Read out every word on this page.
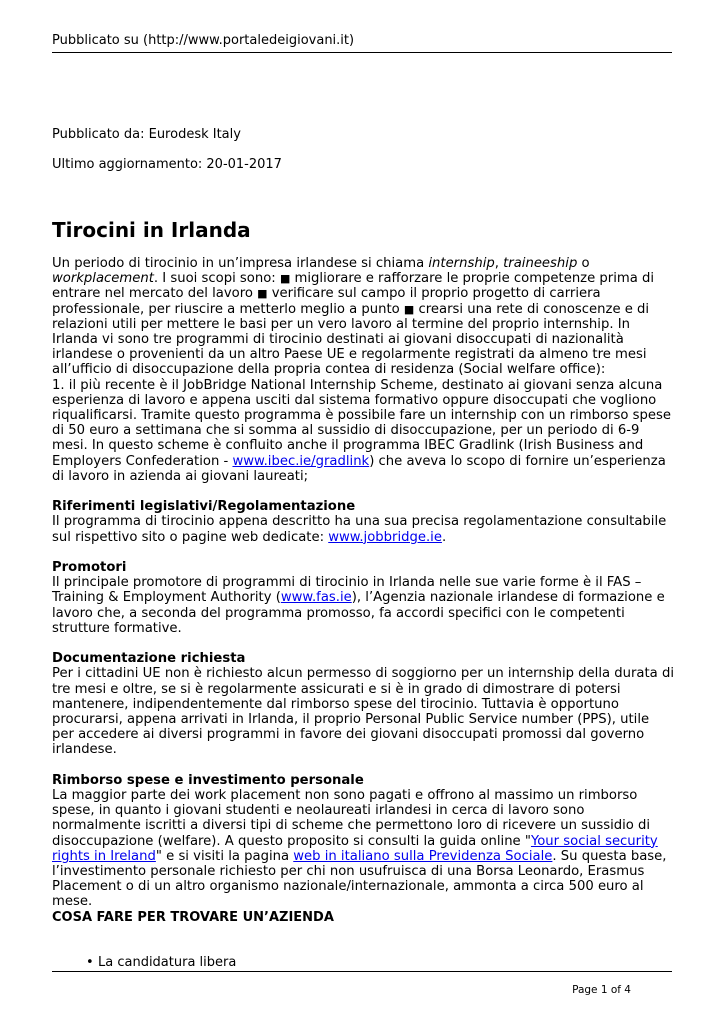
Pubblicato su (http://www.portaledeigiovani.it)
Pubblicato da: Eurodesk Italy
Ultimo aggiornamento: 20-01-2017
Tirocini in Irlanda

Un periodo di tirocinio in un’impresa irlandese si chiama internship, traineeship o workplacement. I suoi scopi sono: ■ migliorare e rafforzare le proprie competenze prima di entrare nel mercato del lavoro ■ verificare sul campo il proprio progetto di carriera professionale, per riuscire a metterlo meglio a punto ■ crearsi una rete di conoscenze e di relazioni utili per mettere le basi per un vero lavoro al termine del proprio internship. In Irlanda vi sono tre programmi di tirocinio destinati ai giovani disoccupati di nazionalità irlandese o provenienti da un altro Paese UE e regolarmente registrati da almeno tre mesi all’ufficio di disoccupazione della propria contea di residenza (Social welfare office):

1. il più recente è il JobBridge National Internship Scheme, destinato ai giovani senza alcuna esperienza di lavoro e appena usciti dal sistema formativo oppure disoccupati che vogliono riqualificarsi. Tramite questo programma è possibile fare un internship con un rimborso spese di 50 euro a settimana che si somma al sussidio di disoccupazione, per un periodo di 6-9 mesi. In questo scheme è confluito anche il programma IBEC Gradlink (Irish Business and Employers Confederation - www.ibec.ie/gradlink) che aveva lo scopo di fornire un’esperienza di lavoro in azienda ai giovani laureati;

Riferimenti legislativi/Regolamentazione

Il programma di tirocinio appena descritto ha una sua precisa regolamentazione consultabile sul rispettivo sito o pagine web dedicate: www.jobbridge.ie.

Promotori

Il principale promotore di programmi di tirocinio in Irlanda nelle sue varie forme è il FAS –Training & Employment Authority (www.fas.ie), l’Agenzia nazionale irlandese di formazione e lavoro che, a seconda del programma promosso, fa accordi specifici con le competenti strutture formative.

Documentazione richiesta

Per i cittadini UE non è richiesto alcun permesso di soggiorno per un internship della durata di tre mesi e oltre, se si è regolarmente assicurati e si è in grado di dimostrare di potersi mantenere, indipendentemente dal rimborso spese del tirocinio. Tuttavia è opportuno procurarsi, appena arrivati in Irlanda, il proprio Personal Public Service number (PPS), utile per accedere ai diversi programmi in favore dei giovani disoccupati promossi dal governo irlandese.

Rimborso spese e investimento personale

La maggior parte dei work placement non sono pagati e offrono al massimo un rimborso spese, in quanto i giovani studenti e neolaureati irlandesi in cerca di lavoro sono normalmente iscritti a diversi tipi di scheme che permettono loro di ricevere un sussidio di disoccupazione (welfare). A questo proposito si consulti la guida online "Your social security rights in Ireland" e si visiti la pagina web in italiano sulla Previdenza Sociale. Su questa base, l’investimento personale richiesto per chi non usufruisca di una Borsa Leonardo, Erasmus Placement o di un altro organismo nazionale/internazionale, ammonta a circa 500 euro al mese.

COSA FARE PER TROVARE UN’AZIENDA
• La candidatura libera
Page 1 of 4
